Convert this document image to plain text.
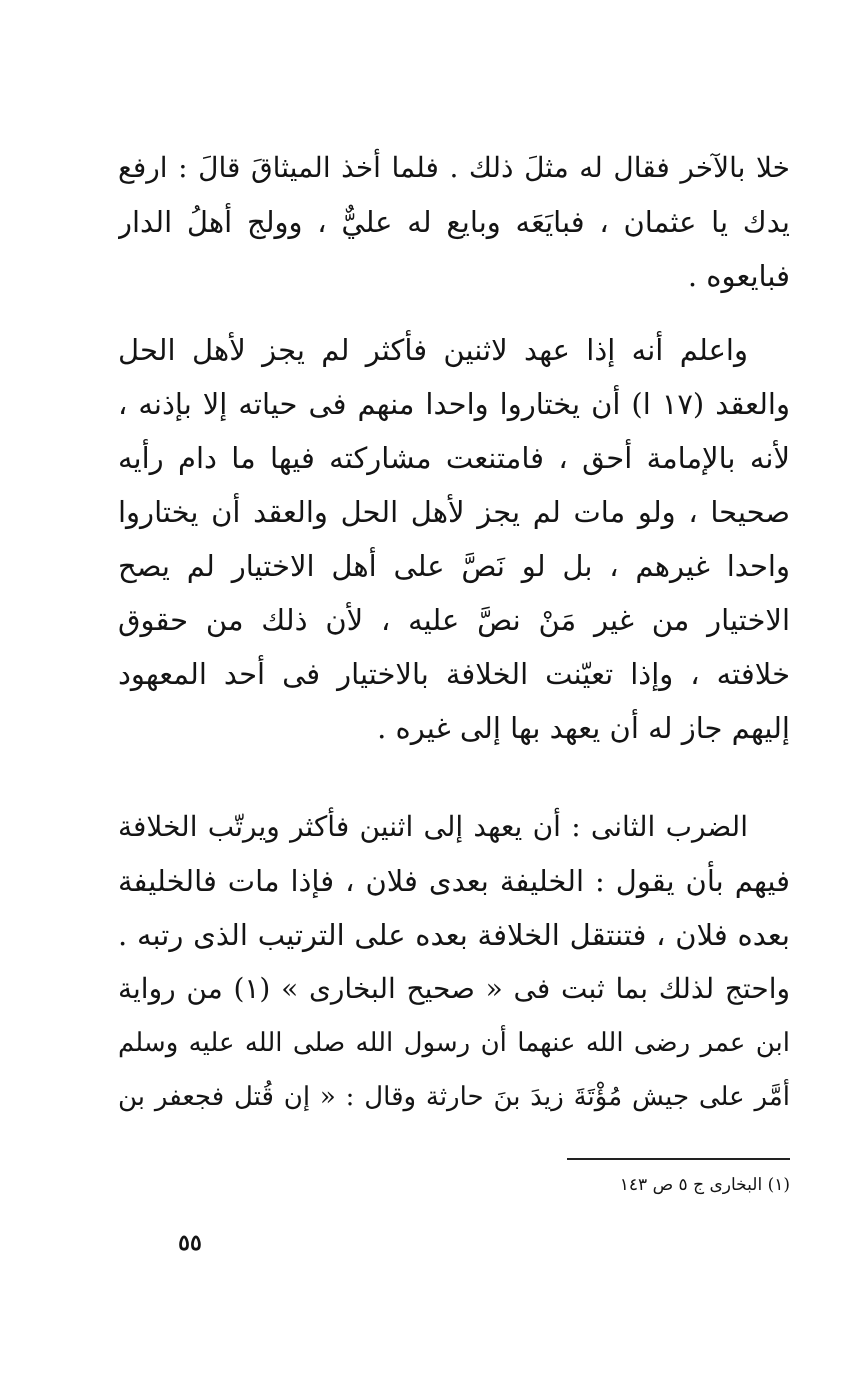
خلا بالآخر فقال له مثلَ ذلك . فلما أخذ الميثاقَ قالَ : ارفع
يدك يا عثمان ، فبايَعَه وبايع له عليٌّ ، وولج أهلُ الدار
فبايعوه .
واعلم أنه إذا عهد لاثنين فأكثر لم يجز لأهل الحل
والعقد (١٧ ا) أن يختاروا واحدا منهم فى حياته إلا بإذنه ،
لأنه بالإمامة أحق ، فامتنعت مشاركته فيها ما دام رأيه
صحيحا ، ولو مات لم يجز لأهل الحل والعقد أن يختاروا
واحدا غيرهم ، بل لو نَصَّ على أهل الاختيار لم يصح
الاختيار من غير مَنْ نصَّ عليه ، لأن ذلك من حقوق
خلافته ، وإذا تعيّنت الخلافة بالاختيار فى أحد المعهود
إليهم جاز له أن يعهد بها إلى غيره .
الضرب الثانى : أن يعهد إلى اثنين فأكثر ويرتّب الخلافة
فيهم بأن يقول : الخليفة بعدى فلان ، فإذا مات فالخليفة
بعده فلان ، فتنتقل الخلافة بعده على الترتيب الذى رتبه .
واحتج لذلك بما ثبت فى « صحيح البخارى » (١) من رواية
ابن عمر رضى الله عنهما أن رسول الله صلى الله عليه وسلم
أمَّر على جيش مُؤْتَةَ زيدَ بنَ حارثة وقال : « إن قُتل فجعفر بن
(١) البخارى ج ٥ ص ١٤٣
٥٥
